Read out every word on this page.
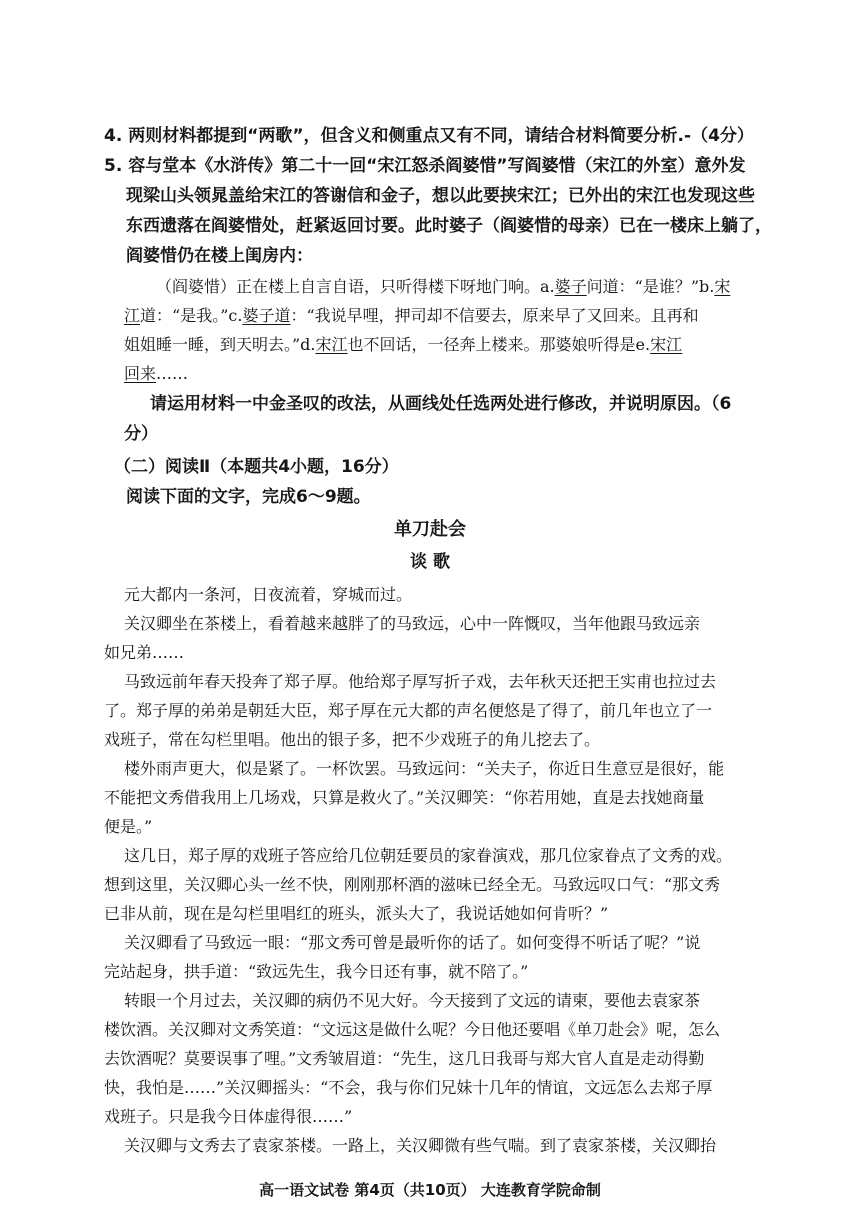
4. 两则材料都提到“两歌”，但含义和侧重点又有不同，请结合材料简要分析.-（4分）
5. 容与堂本《水浒传》第二十一回“宋江怒杀阎婆惜”写阎婆惜（宋江的外室）意外发
现梁山头领晁盖给宋江的答谢信和金子，想以此要挟宋江；已外出的宋江也发现这些
东西遗落在阎婆惜处，赶紧返回讨要。此时婆子（阎婆惜的母亲）已在一楼床上躺了，
阎婆惜仍在楼上闺房内：
（阎婆惜）正在楼上自言自语，只听得楼下呀地门响。a.婆子问道：“是谁？”b.宋
江道：“是我。”c.婆子道：“我说早哩，押司却不信要去，原来早了又回来。且再和
姐姐睡一睡，到天明去。”d.宋江也不回话，一径奔上楼来。那婆娘听得是e.宋江
回来……
请运用材料一中金圣叹的改法，从画线处任选两处进行修改，并说明原因。（6
分）
（二）阅读Ⅱ（本题共4小题，16分）
阅读下面的文字，完成6～9题。
单刀赴会
谈 歌
元大都内一条河，日夜流着，穿城而过。
关汉卿坐在茶楼上，看着越来越胖了的马致远，心中一阵慨叹，当年他跟马致远亲
如兄弟……
马致远前年春天投奔了郑子厚。他给郑子厚写折子戏，去年秋天还把王实甫也拉过去
了。郑子厚的弟弟是朝廷大臣，郑子厚在元大都的声名便悠是了得了，前几年也立了一
戏班子，常在勾栏里唱。他出的银子多，把不少戏班子的角儿挖去了。
楼外雨声更大，似是紧了。一杯饮罢。马致远问：“关夫子，你近日生意豆是很好，能
不能把文秀借我用上几场戏，只算是救火了。”关汉卿笑：“你若用她，直是去找她商量
便是。”
这几日，郑子厚的戏班子答应给几位朝廷要员的家眷演戏，那几位家眷点了文秀的戏。
想到这里，关汉卿心头一丝不快，刚刚那杯酒的滋味已经全无。马致远叹口气：“那文秀
已非从前，现在是勾栏里唱红的班头，派头大了，我说话她如何肯听？”
关汉卿看了马致远一眼：“那文秀可曾是最听你的话了。如何变得不听话了呢？”说
完站起身，拱手道：“致远先生，我今日还有事，就不陪了。”
转眼一个月过去，关汉卿的病仍不见大好。今天接到了文远的请柬，要他去袁家茶
楼饮酒。关汉卿对文秀笑道：“文远这是做什么呢？今日他还要唱《单刀赴会》呢，怎么
去饮酒呢？莫要误事了哩。”文秀皱眉道：“先生，这几日我哥与郑大官人直是走动得勤
快，我怕是……”关汉卿摇头：“不会，我与你们兄妹十几年的情谊，文远怎么去郑子厚
戏班子。只是我今日体虚得很……”
关汉卿与文秀去了袁家茶楼。一路上，关汉卿微有些气喘。到了袁家茶楼，关汉卿抬
高一语文试卷 第4页（共10页） 大连教育学院命制
